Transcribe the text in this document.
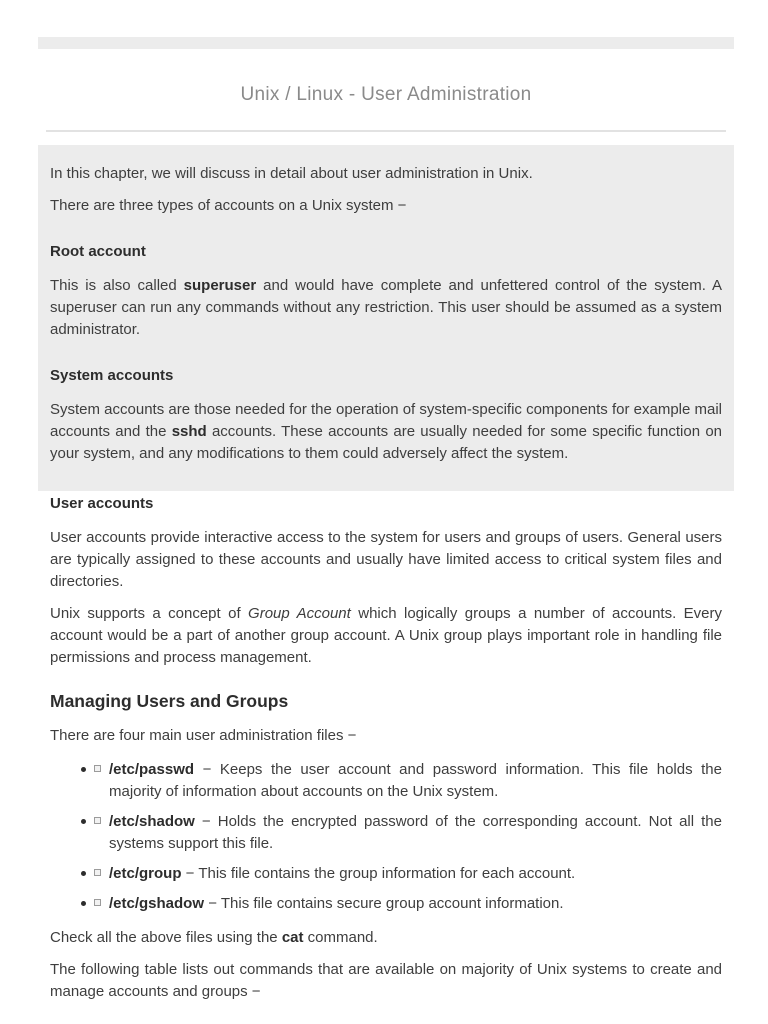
Unix / Linux - User Administration

In this chapter, we will discuss in detail about user administration in Unix.

There are three types of accounts on a Unix system −

Root account

This is also called superuser and would have complete and unfettered control of the system. A superuser can run any commands without any restriction. This user should be assumed as a system administrator.

System accounts

System accounts are those needed for the operation of system-specific components for example mail accounts and the sshd accounts. These accounts are usually needed for some specific function on your system, and any modifications to them could adversely affect the system.

User accounts

User accounts provide interactive access to the system for users and groups of users. General users are typically assigned to these accounts and usually have limited access to critical system files and directories.

Unix supports a concept of Group Account which logically groups a number of accounts. Every account would be a part of another group account. A Unix group plays important role in handling file permissions and process management.

Managing Users and Groups

There are four main user administration files −

/etc/passwd − Keeps the user account and password information. This file holds the majority of information about accounts on the Unix system.
/etc/shadow − Holds the encrypted password of the corresponding account. Not all the systems support this file.
/etc/group − This file contains the group information for each account.
/etc/gshadow − This file contains secure group account information.

Check all the above files using the cat command.

The following table lists out commands that are available on majority of Unix systems to create and manage accounts and groups −
